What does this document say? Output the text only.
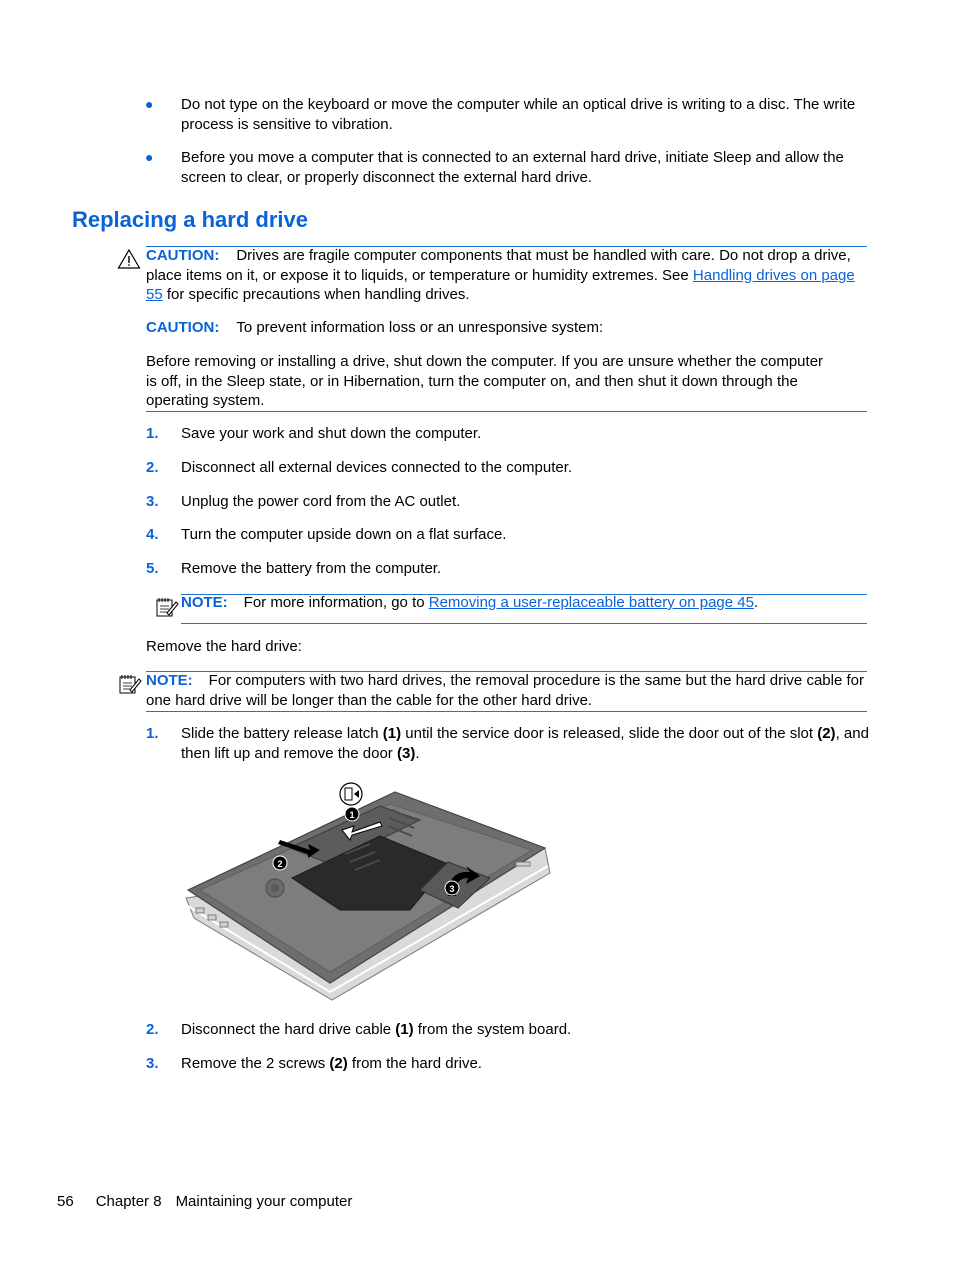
● Do not type on the keyboard or move the computer while an optical drive is writing to a disc. The write process is sensitive to vibration.
● Before you move a computer that is connected to an external hard drive, initiate Sleep and allow the screen to clear, or properly disconnect the external hard drive.
Replacing a hard drive
CAUTION: Drives are fragile computer components that must be handled with care. Do not drop a drive, place items on it, or expose it to liquids, or temperature or humidity extremes. See Handling drives on page 55 for specific precautions when handling drives.
CAUTION: To prevent information loss or an unresponsive system:
Before removing or installing a drive, shut down the computer. If you are unsure whether the computer is off, in the Sleep state, or in Hibernation, turn the computer on, and then shut it down through the operating system.
1. Save your work and shut down the computer.
2. Disconnect all external devices connected to the computer.
3. Unplug the power cord from the AC outlet.
4. Turn the computer upside down on a flat surface.
5. Remove the battery from the computer.
NOTE: For more information, go to Removing a user-replaceable battery on page 45.
Remove the hard drive:
NOTE: For computers with two hard drives, the removal procedure is the same but the hard drive cable for one hard drive will be longer than the cable for the other hard drive.
1. Slide the battery release latch (1) until the service door is released, slide the door out of the slot (2), and then lift up and remove the door (3).
1
2
3
2. Disconnect the hard drive cable (1) from the system board.
3. Remove the 2 screws (2) from the hard drive.
56 Chapter 8 Maintaining your computer
